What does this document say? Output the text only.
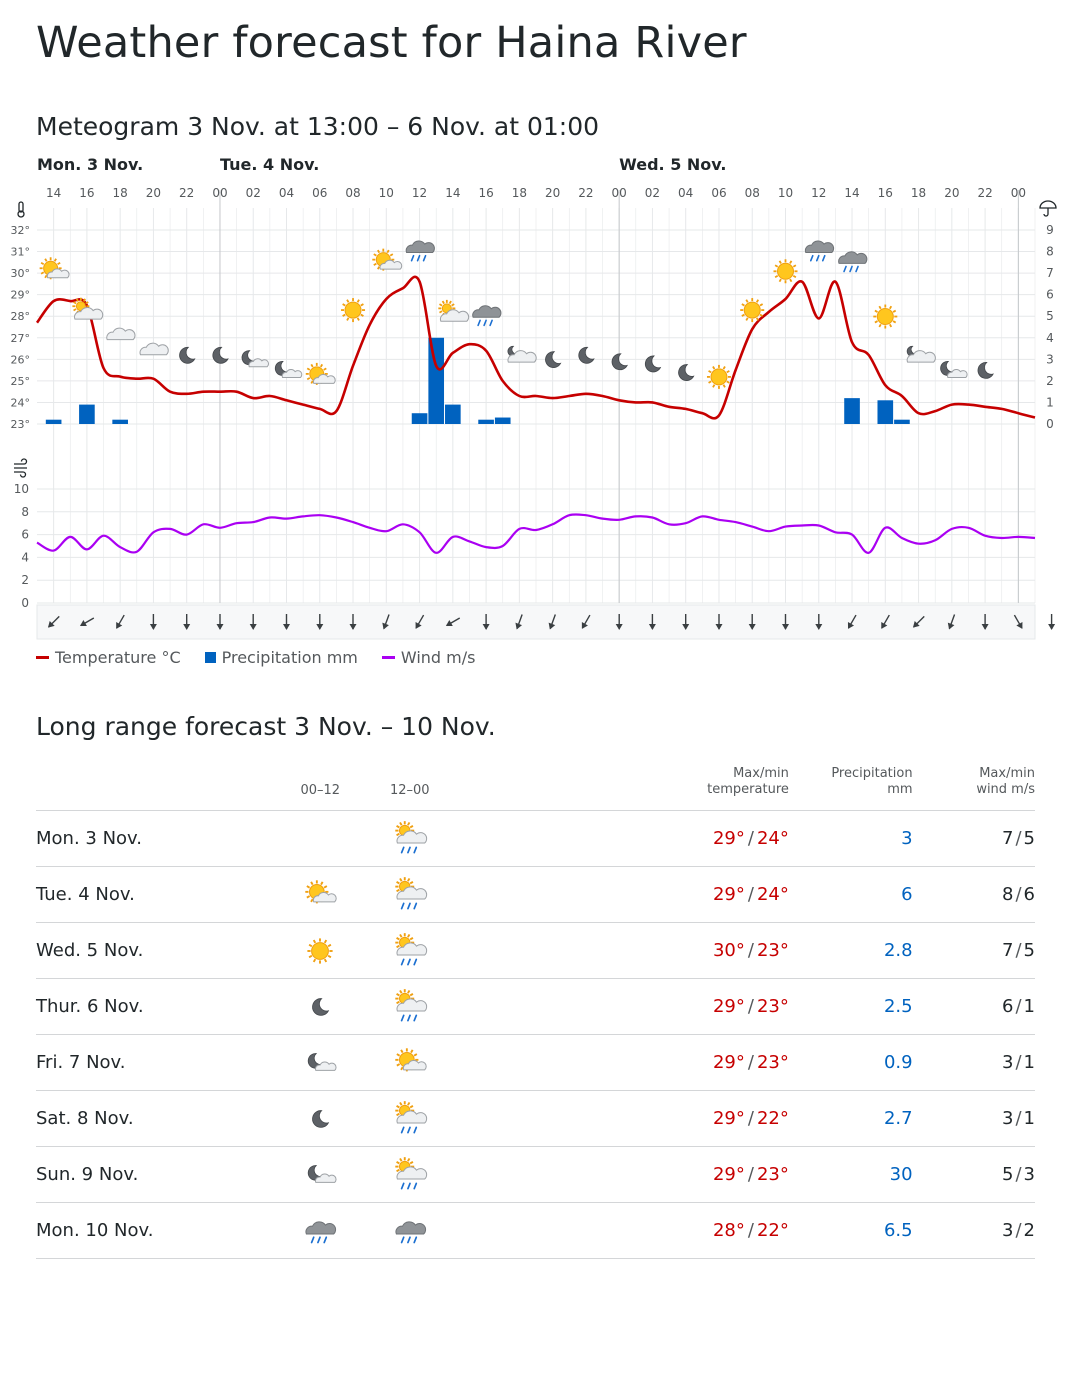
Weather forecast for Haina River
Meteogram 3 Nov. at 13:00 – 6 Nov. at 01:00
Mon. 3 Nov.	Tue. 4 Nov.	Wed. 5 Nov.
14 16 18 20 22 00 02 04 06 08 10 12 14 16 18 20 22 00 02 04 06 08 10 12 14 16 18 20 22 00
23°
24°
25°
26°
27°
28°
29°
30°
31°
32°
0
1
2
3
4
5
6
7
8
9
0
2
4
6
8
10
Temperature °C	Precipitation mm	Wind m/s
Long range forecast 3 Nov. – 10 Nov.
	00–12	12–00		Max/min
temperature	Precipitation
mm	Max/min
wind m/s
Mon. 3 Nov.				29° / 24°	3	7 / 5
Tue. 4 Nov.				29° / 24°	6	8 / 6
Wed. 5 Nov.				30° / 23°	2.8	7 / 5
Thur. 6 Nov.				29° / 23°	2.5	6 / 1
Fri. 7 Nov.				29° / 23°	0.9	3 / 1
Sat. 8 Nov.				29° / 22°	2.7	3 / 1
Sun. 9 Nov.				29° / 23°	30	5 / 3
Mon. 10 Nov.				28° / 22°	6.5	3 / 2
